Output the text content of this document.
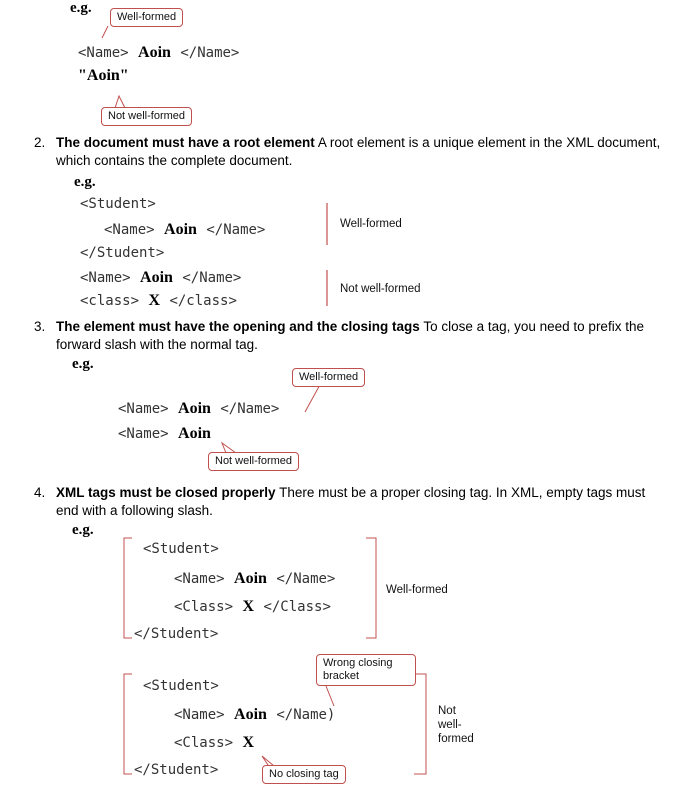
e.g.
Well-formed
<Name> Aoin </Name>
"Aoin"
Not well-formed
2. The document must have a root element A root element is a unique element in the XML document, which contains the complete document.
e.g.
<Student>
<Name> Aoin </Name>
</Student>
<Name> Aoin </Name>
<class> X </class>
Well-formed
Not well-formed
3. The element must have the opening and the closing tags To close a tag, you need to prefix the forward slash with the normal tag.
e.g.
Well-formed
<Name> Aoin </Name>
<Name> Aoin
Not well-formed
4. XML tags must be closed properly There must be a proper closing tag. In XML, empty tags must end with a following slash.
e.g.
<Student>
<Name> Aoin </Name>
<Class> X </Class>
</Student>
Well-formed
Wrong closing bracket
<Student>
<Name> Aoin </Name)
<Class> X
</Student>	No closing tag
Not well-formed
